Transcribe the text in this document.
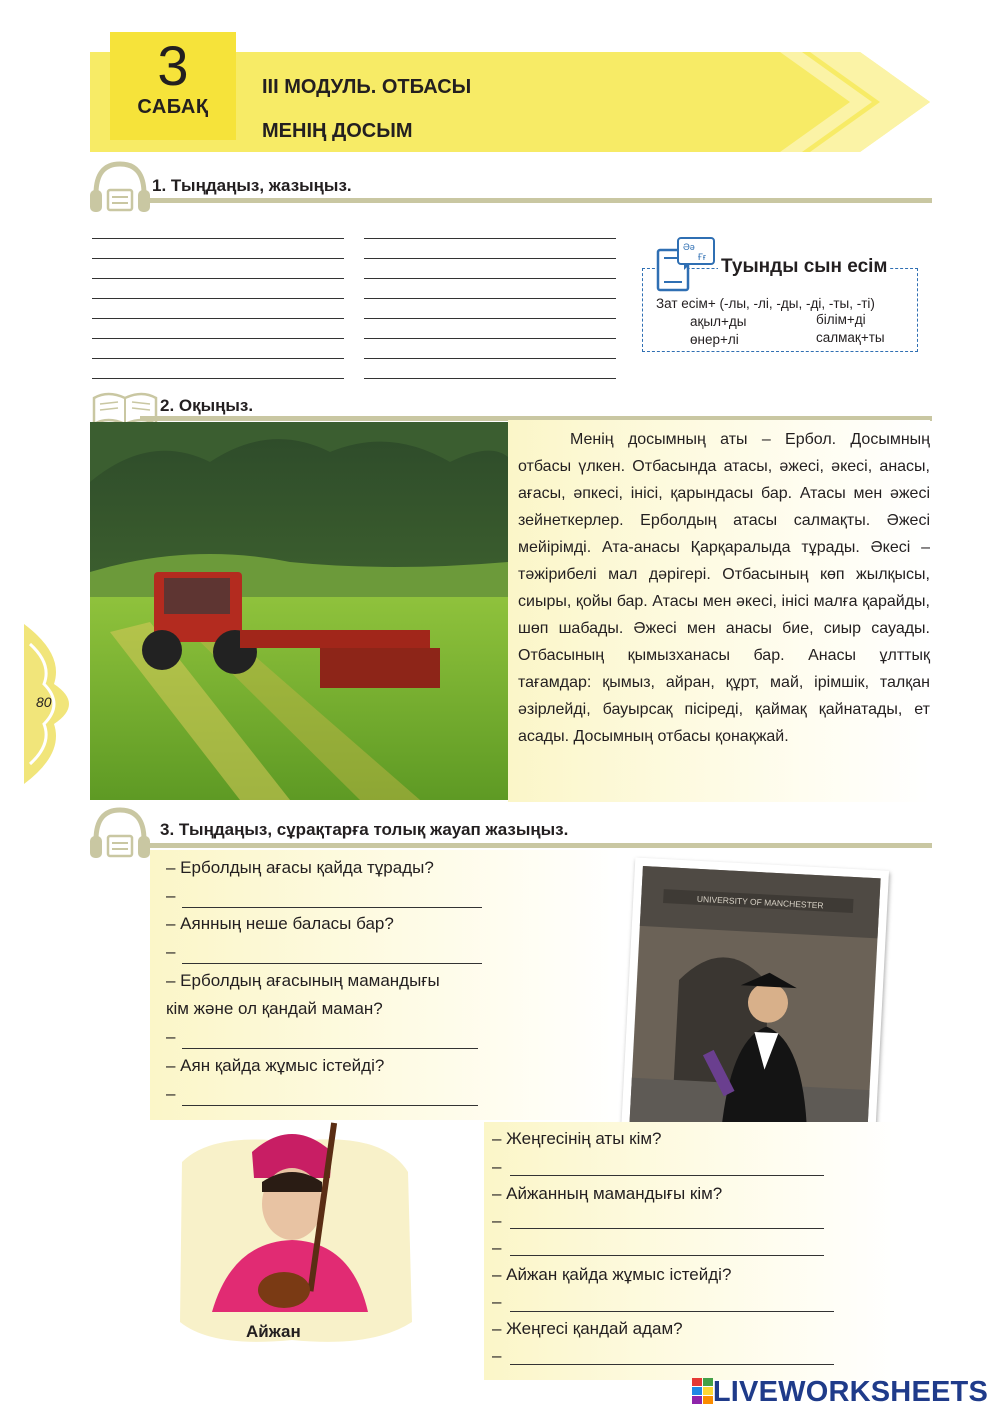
3
САБАҚ
III МОДУЛЬ. ОТБАСЫ
МЕНІҢ ДОСЫМ
1. Тыңдаңыз, жазыңыз.
Әә
Ғғ Туынды сын есім
Зат есім+ (-лы, -лі, -ды, -ді, -ты, -ті)
ақыл+ды
өнер+лі
білім+ді
салмақ+ты
2. Оқыңыз.
Менің досымның аты – Ербол. Досымның отбасы үлкен. Отбасында атасы, әжесі, әкесі, анасы, ағасы, әпкесі, інісі, қарындасы бар. Атасы мен әжесі зейнеткерлер. Ерболдың атасы салмақты. Әжесі мейірімді. Ата-анасы Қарқаралыда тұрады. Әкесі – тәжірибелі мал дәрігері. Отбасының көп жылқысы, сиыры, қойы бар. Атасы мен әкесі, інісі малға қарайды, шөп шабады. Әжесі мен анасы бие, сиыр сауады. Отбасының қымызханасы бар. Анасы ұлттық тағамдар: қымыз, айран, құрт, май, ірімшік, талқан әзірлейді, бауырсақ пісіреді, қаймақ қайнатады, ет асады. Досымның отбасы қонақжай.
80
3. Тыңдаңыз, сұрақтарға толық жауап жазыңыз.
– Ерболдың ағасы қайда тұрады?
–
– Аянның неше баласы бар?
–
– Ерболдың ағасының мамандығы
кім және ол қандай маман?
–
– Аян қайда жұмыс істейді?
–
UNIVERSITY OF MANCHESTER
Айжан
– Жеңгесінің аты кім?
–
– Айжанның мамандығы кім?
–
–
– Айжан қайда жұмыс істейді?
–
– Жеңгесі қандай адам?
–
LIVEWORKSHEETS
